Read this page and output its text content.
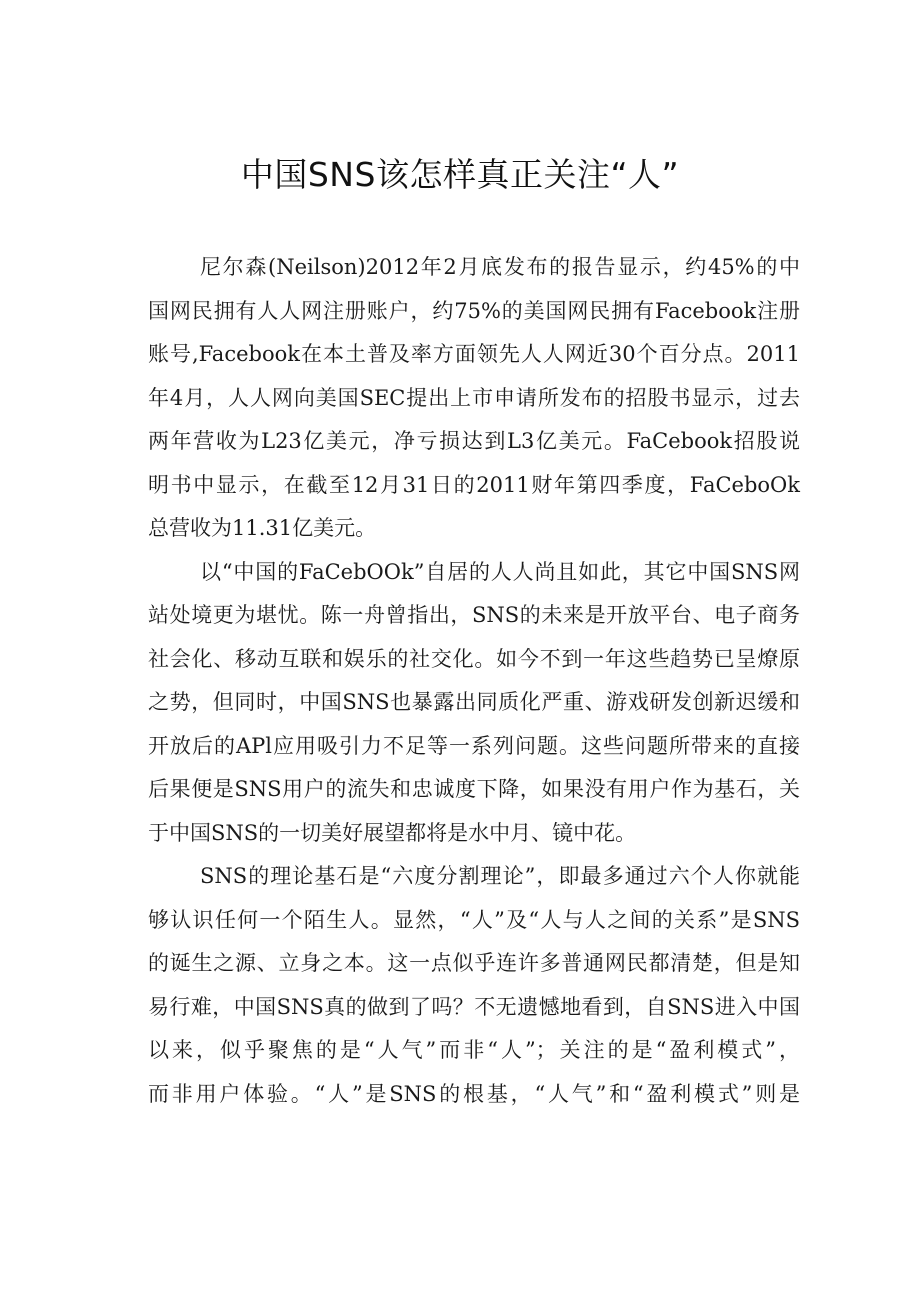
中国SNS该怎样真正关注“人”
尼尔森(Neilson)2012年2月底发布的报告显示，约45%的中
国网民拥有人人网注册账户，约75%的美国网民拥有Facebook注册
账号,Facebook在本土普及率方面领先人人网近30个百分点。2011
年4月，人人网向美国SEC提出上市申请所发布的招股书显示，过去
两年营收为L23亿美元，净亏损达到L3亿美元。FaCebook招股说
明书中显示，在截至12月31日的2011财年第四季度，FaCeboOk
总营收为11.31亿美元。
以“中国的FaCebOOk”自居的人人尚且如此，其它中国SNS网
站处境更为堪忧。陈一舟曾指出，SNS的未来是开放平台、电子商务
社会化、移动互联和娱乐的社交化。如今不到一年这些趋势已呈燎原
之势，但同时，中国SNS也暴露出同质化严重、游戏研发创新迟缓和
开放后的APl应用吸引力不足等一系列问题。这些问题所带来的直接
后果便是SNS用户的流失和忠诚度下降，如果没有用户作为基石，关
于中国SNS的一切美好展望都将是水中月、镜中花。
SNS的理论基石是“六度分割理论”，即最多通过六个人你就能
够认识任何一个陌生人。显然，“人”及“人与人之间的关系”是SNS
的诞生之源、立身之本。这一点似乎连许多普通网民都清楚，但是知
易行难，中国SNS真的做到了吗？不无遗憾地看到，自SNS进入中国
以来，似乎聚焦的是“人气”而非“人”；关注的是“盈利模式”，
而非用户体验。“人”是SNS的根基，“人气”和“盈利模式”则是
